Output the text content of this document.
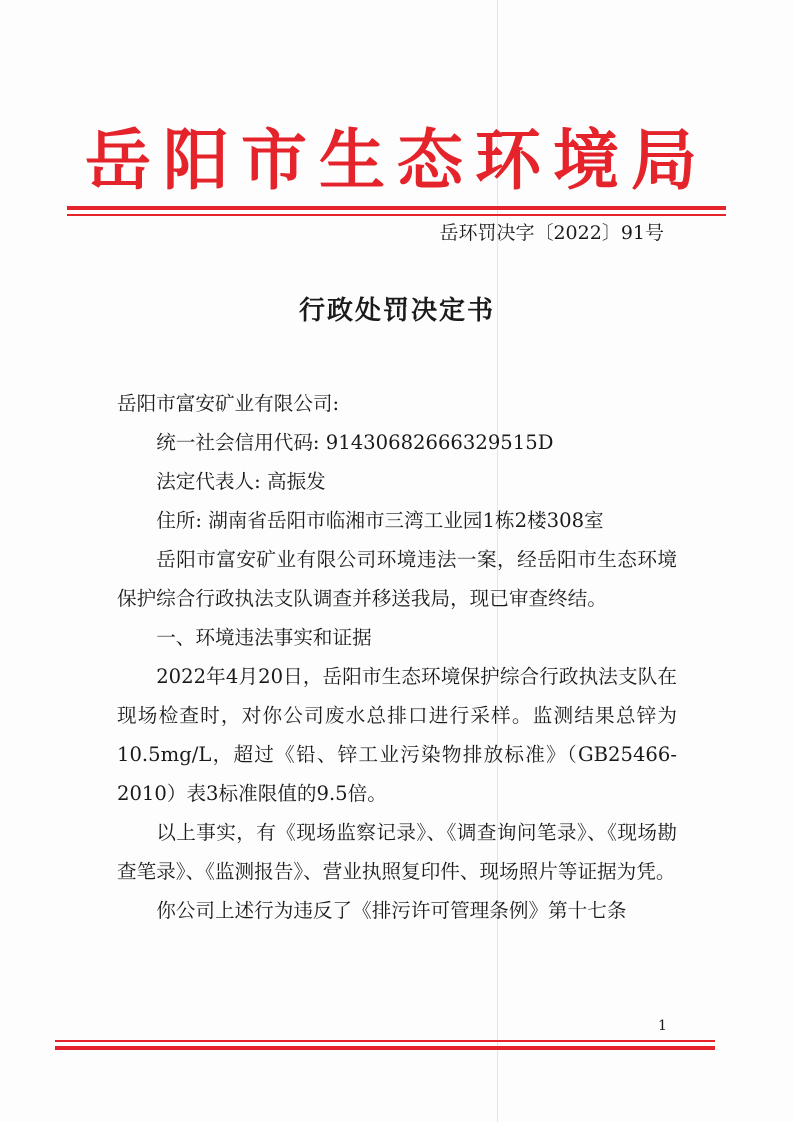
岳阳市生态环境局
岳环罚决字〔2022〕91号
行政处罚决定书

岳阳市富安矿业有限公司:

统一社会信用代码: 91430682666329515D

法定代表人: 高振发

住所: 湖南省岳阳市临湘市三湾工业园1栋2楼308室

岳阳市富安矿业有限公司环境违法一案，经岳阳市生态环境保护综合行政执法支队调查并移送我局，现已审查终结。

一、环境违法事实和证据

2022年4月20日，岳阳市生态环境保护综合行政执法支队在现场检查时，对你公司废水总排口进行采样。监测结果总锌为10.5mg/L，超过《铅、锌工业污染物排放标准》（GB25466-2010）表3标准限值的9.5倍。

以上事实，有《现场监察记录》、《调查询问笔录》、《现场勘查笔录》、《监测报告》、营业执照复印件、现场照片等证据为凭。

你公司上述行为违反了《排污许可管理条例》第十七条

1
